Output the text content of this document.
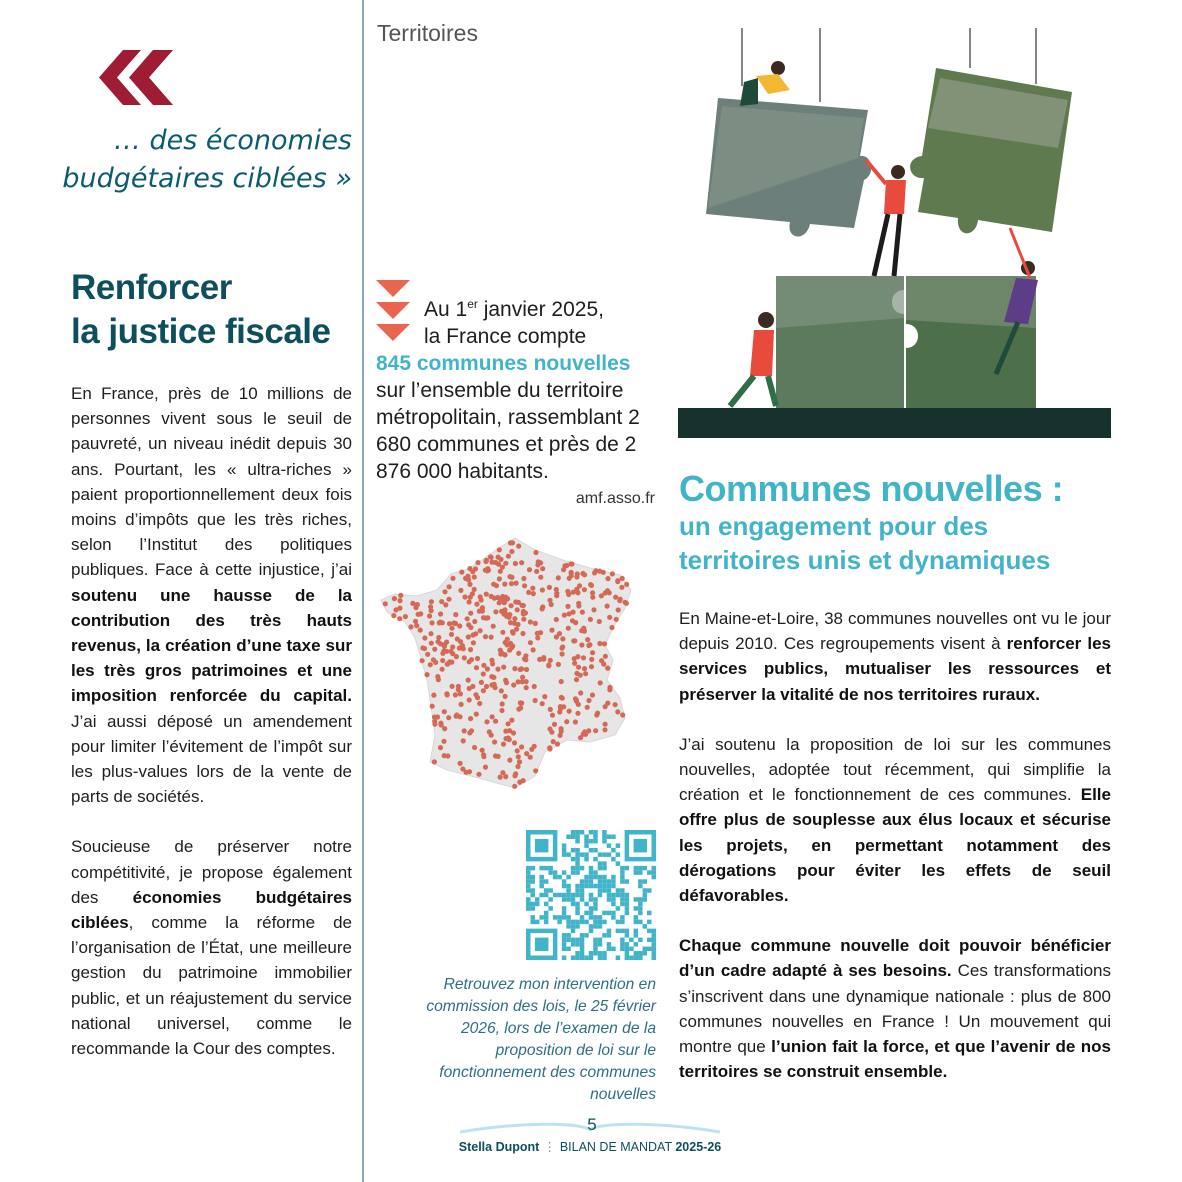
Territoires
… des économies budgétaires ciblées »
Renforcer
la justice fiscale

En France, près de 10 millions de personnes vivent sous le seuil de pauvreté, un niveau inédit depuis 30 ans. Pourtant, les « ultra-riches » paient proportionnellement deux fois moins d’impôts que les très riches, selon l’Institut des politiques publiques. Face à cette injustice, j’ai soutenu une hausse de la contribution des très hauts revenus, la création d’une taxe sur les très gros patrimoines et une imposition renforcée du capital. J’ai aussi déposé un amendement pour limiter l’évitement de l’impôt sur les plus-values lors de la vente de parts de sociétés.

Soucieuse de préserver notre compétitivité, je propose également des économies budgétaires ciblées, comme la réforme de l’organisation de l’État, une meilleure gestion du patrimoine immobilier public, et un réajustement du service national universel, comme le recommande la Cour des comptes.

Au 1er janvier 2025,
la France compte
845 communes nouvelles
sur l’ensemble du territoire métropolitain, rassemblant 2 680 communes et près de 2 876 000 habitants.
amf.asso.fr
Retrouvez mon intervention en commission des lois, le 25 février 2026, lors de l’examen de la proposition de loi sur le fonctionnement des communes nouvelles
Communes nouvelles :
un engagement pour des territoires unis et dynamiques

En Maine-et-Loire, 38 communes nouvelles ont vu le jour depuis 2010. Ces regroupements visent à renforcer les services publics, mutualiser les ressources et préserver la vitalité de nos territoires ruraux.

J’ai soutenu la proposition de loi sur les communes nouvelles, adoptée tout récemment, qui simplifie la création et le fonctionnement de ces communes. Elle offre plus de souplesse aux élus locaux et sécurise les projets, en permettant notamment des dérogations pour éviter les effets de seuil défavorables.

Chaque commune nouvelle doit pouvoir bénéficier d’un cadre adapté à ses besoins. Ces transformations s’inscrivent dans une dynamique nationale : plus de 800 communes nouvelles en France ! Un mouvement qui montre que l’union fait la force, et que l’avenir de nos territoires se construit ensemble.

5
Stella Dupont ⋮ BILAN DE MANDAT 2025-26
